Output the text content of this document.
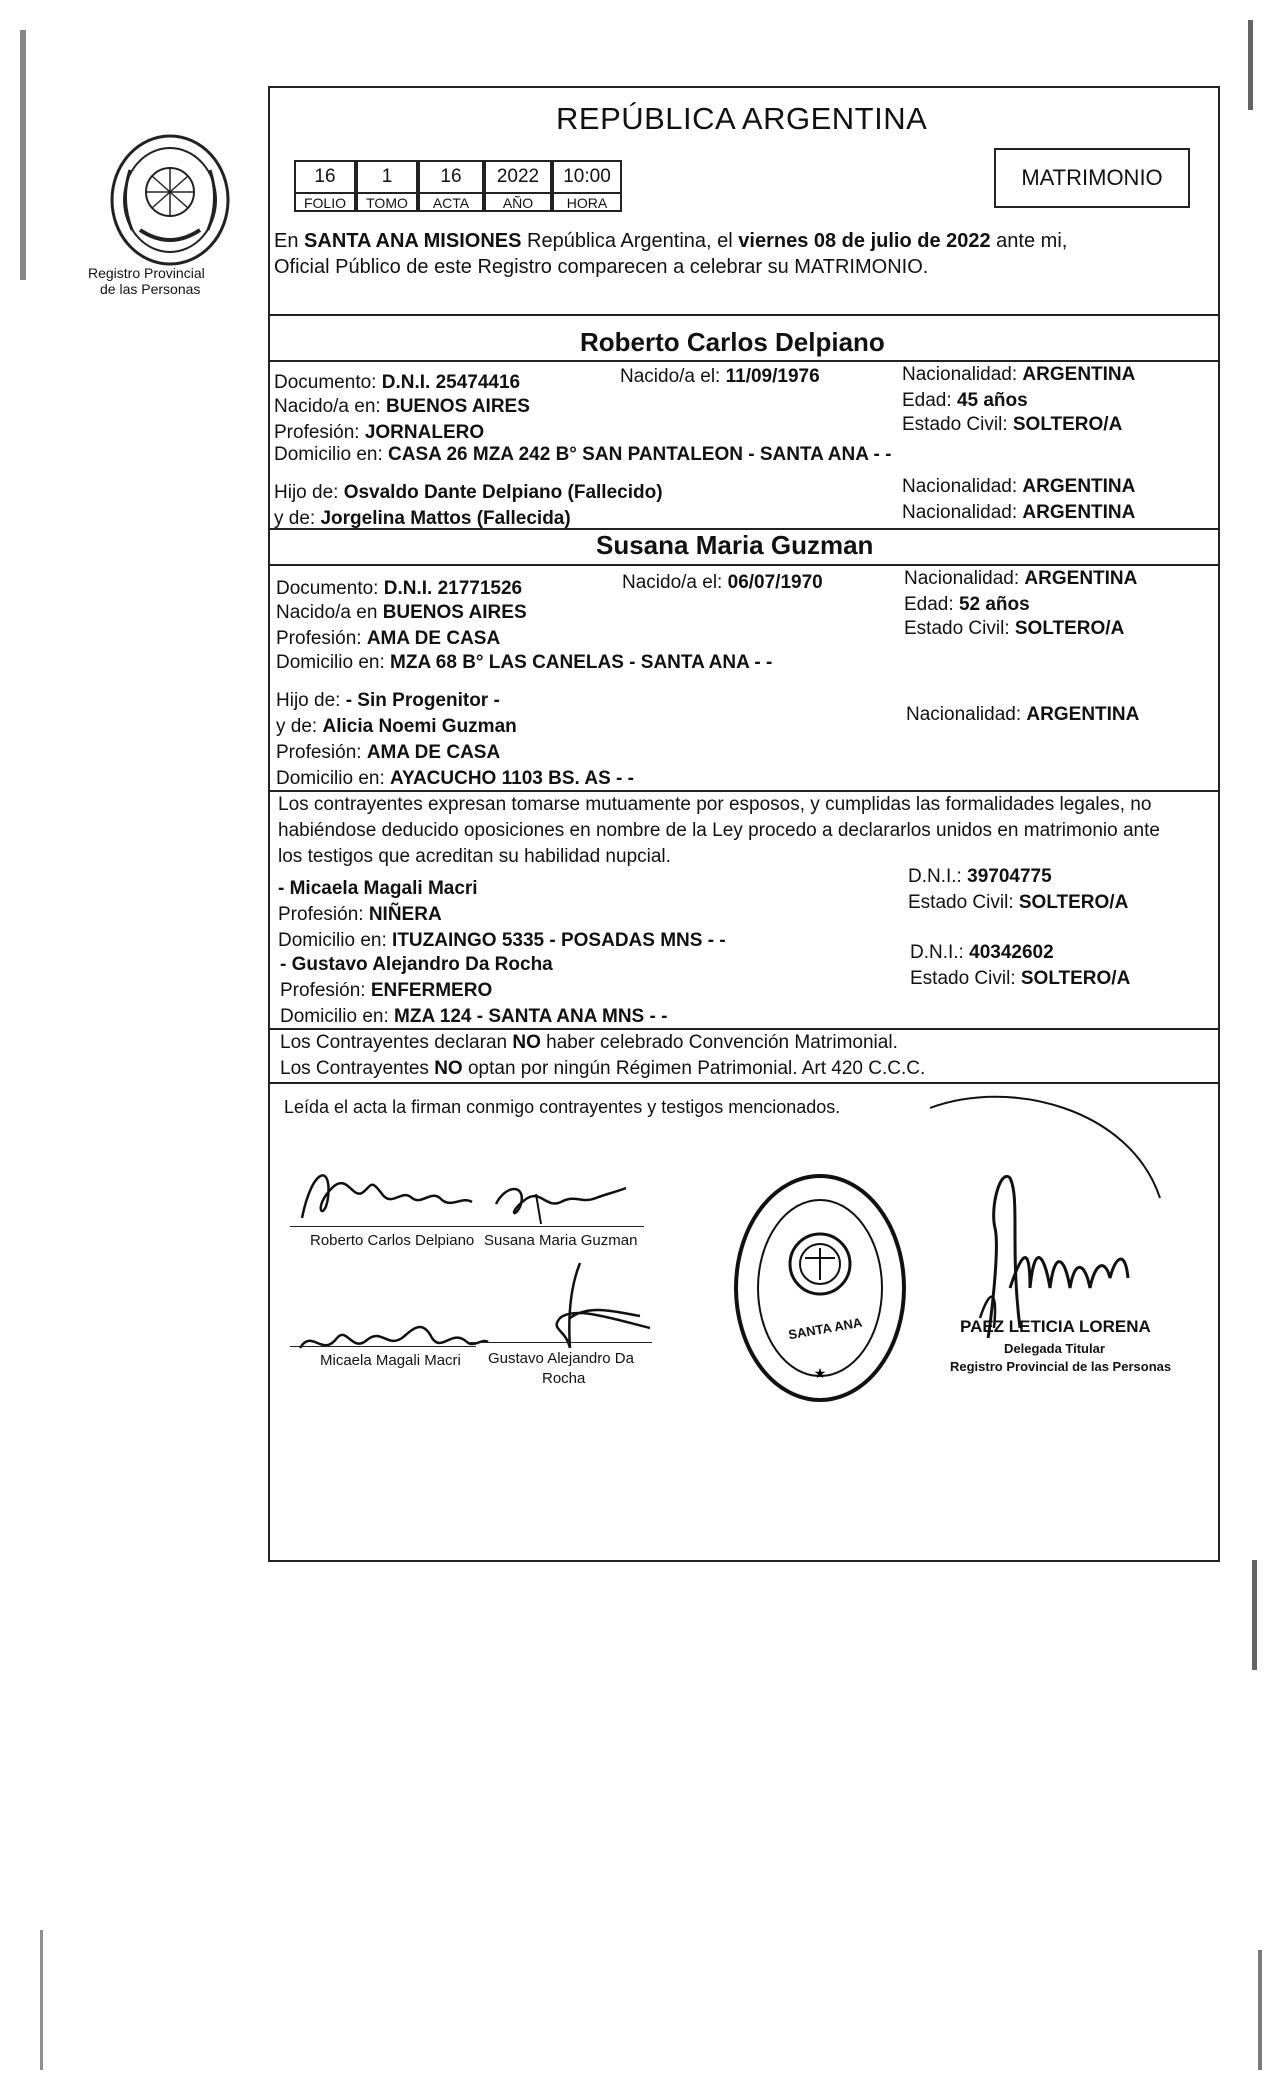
Registro Provincial
de las Personas
REPÚBLICA ARGENTINA
16	1	16	2022	10:00
FOLIO	TOMO	ACTA	AÑO	HORA
MATRIMONIO
En SANTA ANA MISIONES República Argentina, el viernes 08 de julio de 2022 ante mi,
Oficial Público de este Registro comparecen a celebrar su MATRIMONIO.
Roberto Carlos Delpiano
Documento: D.N.I. 25474416	Nacido/a el: 11/09/1976	Nacionalidad: ARGENTINA
Nacido/a en: BUENOS AIRES	Edad: 45 años
Profesión: JORNALERO	Estado Civil: SOLTERO/A
Domicilio en: CASA 26 MZA 242 B° SAN PANTALEON - SANTA ANA - -
Hijo de: Osvaldo Dante Delpiano (Fallecido)	Nacionalidad: ARGENTINA
y de: Jorgelina Mattos (Fallecida)	Nacionalidad: ARGENTINA
Susana Maria Guzman
Documento: D.N.I. 21771526	Nacido/a el: 06/07/1970	Nacionalidad: ARGENTINA
Nacido/a en BUENOS AIRES	Edad: 52 años
Profesión: AMA DE CASA	Estado Civil: SOLTERO/A
Domicilio en: MZA 68 B° LAS CANELAS - SANTA ANA - -
Hijo de: - Sin Progenitor -
y de: Alicia Noemi Guzman
Nacionalidad: ARGENTINA
Profesión: AMA DE CASA
Domicilio en: AYACUCHO 1103 BS. AS - -
Los contrayentes expresan tomarse mutuamente por esposos, y cumplidas las formalidades legales, no
habiéndose deducido oposiciones en nombre de la Ley procedo a declararlos unidos en matrimonio ante
los testigos que acreditan su habilidad nupcial.
- Micaela Magali Macri
D.N.I.: 39704775
Estado Civil: SOLTERO/A
Profesión: NIÑERA
Domicilio en: ITUZAINGO 5335 - POSADAS MNS - -
- Gustavo Alejandro Da Rocha
D.N.I.: 40342602
Estado Civil: SOLTERO/A
Profesión: ENFERMERO
Domicilio en: MZA 124 - SANTA ANA MNS - -
Los Contrayentes declaran NO haber celebrado Convención Matrimonial.
Los Contrayentes NO optan por ningún Régimen Patrimonial. Art 420 C.C.C.
Leída el acta la firman conmigo contrayentes y testigos mencionados.
Roberto Carlos Delpiano Susana Maria Guzman
Micaela Magali Macri Gustavo Alejandro Da
Rocha	★
SANTA ANA	PAEZ LETICIA LORENA
Delegada Titular
Registro Provincial de las Personas
